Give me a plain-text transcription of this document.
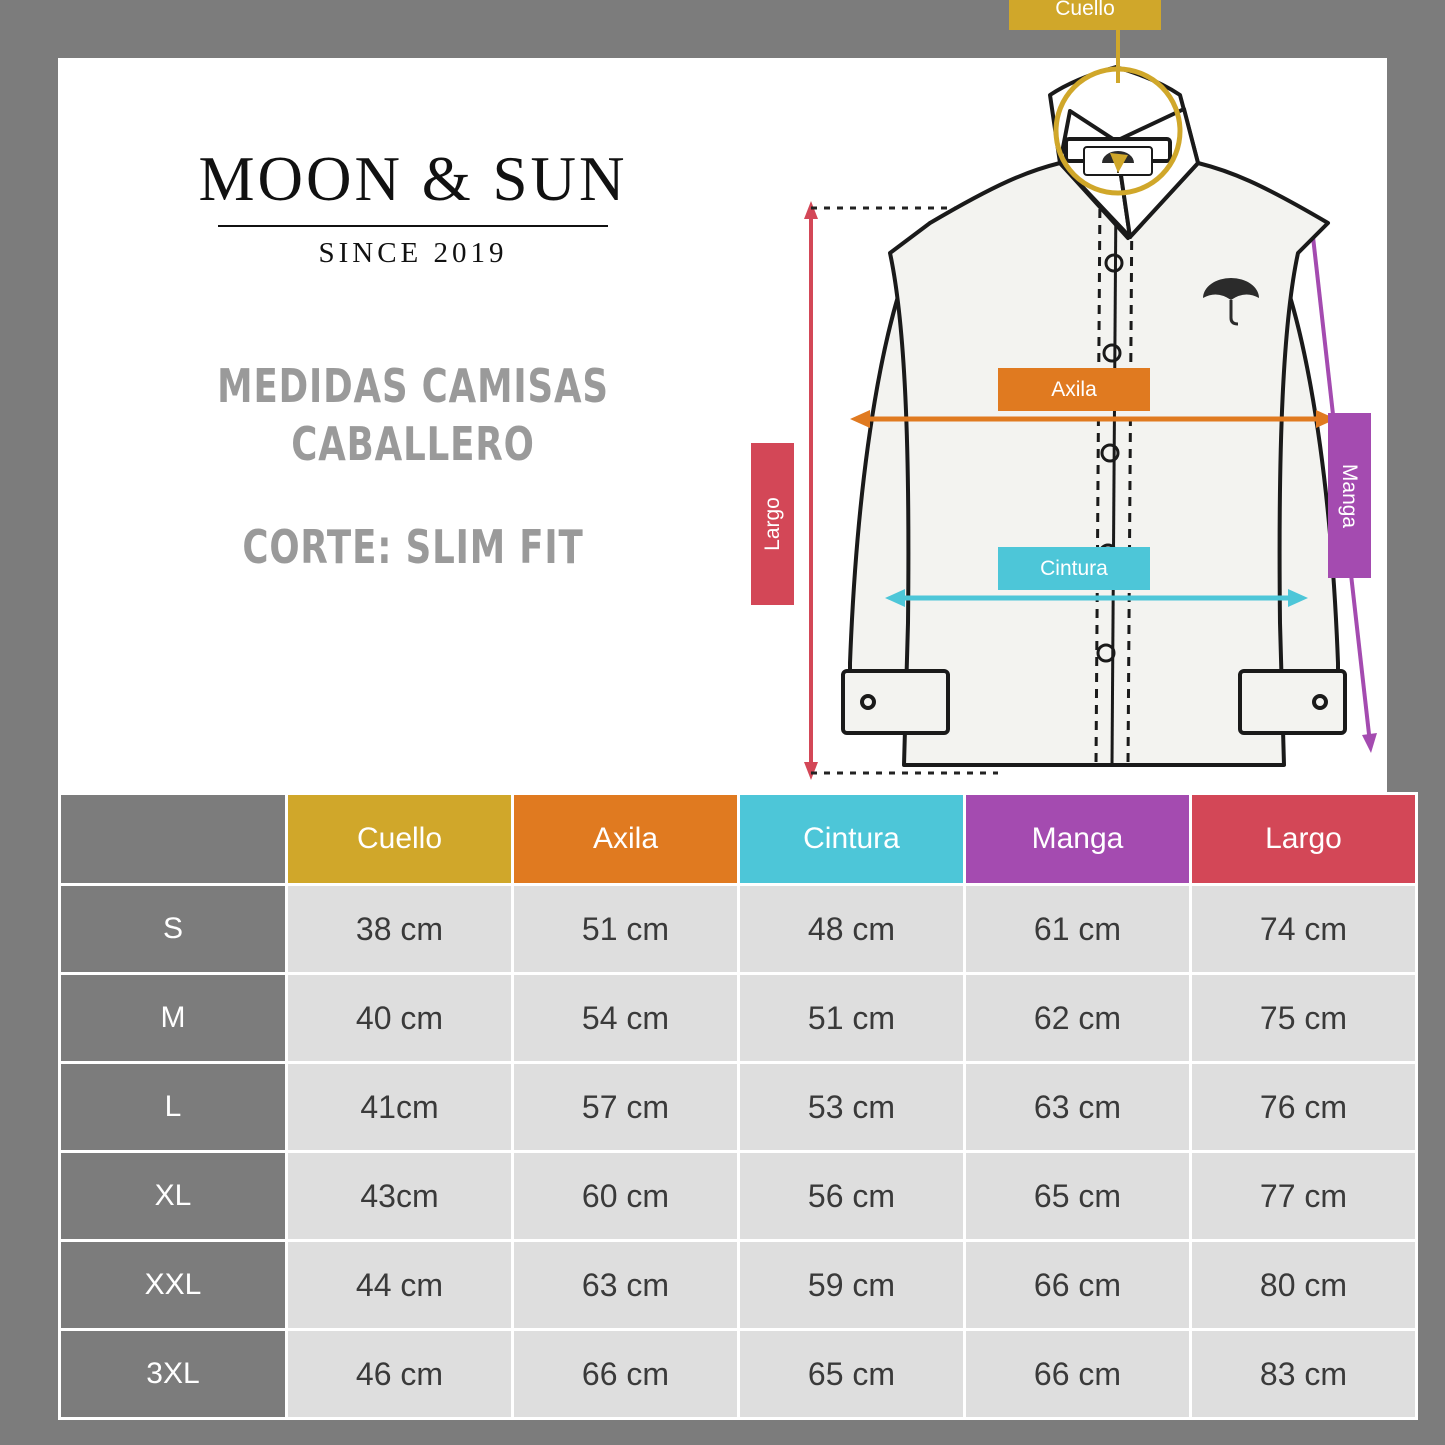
MOON & SUN
SINCE 2019
MEDIDAS CAMISAS
CABALLERO
CORTE: SLIM FIT
Cuello
Axila
Cintura
Manga
Largo
	Cuello	Axila	Cintura	Manga	Largo
S	38 cm	51 cm	48 cm	61 cm	74 cm
M	40 cm	54 cm	51 cm	62 cm	75 cm
L	41cm	57 cm	53 cm	63 cm	76 cm
XL	43cm	60 cm	56 cm	65 cm	77 cm
XXL	44 cm	63 cm	59 cm	66 cm	80 cm
3XL	46 cm	66 cm	65 cm	66 cm	83 cm
